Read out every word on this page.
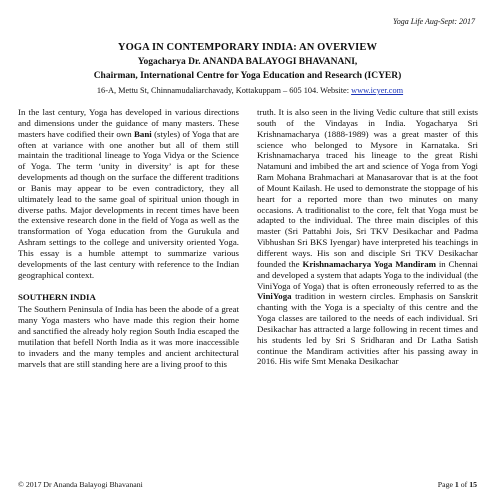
Yoga Life Aug-Sept: 2017
YOGA IN CONTEMPORARY INDIA: AN OVERVIEW
Yogacharya Dr. ANANDA BALAYOGI BHAVANANI,
Chairman, International Centre for Yoga Education and Research (ICYER)
16-A, Mettu St, Chinnamudaliarchavady, Kottakuppam – 605 104. Website: www.icyer.com

In the last century, Yoga has developed in various directions and dimensions under the guidance of many masters. These masters have codified their own Bani (styles) of Yoga that are often at variance with one another but all of them still maintain the traditional lineage to Yoga Vidya or the Science of Yoga. The term ‘unity in diversity’ is apt for these developments ad though on the surface the different traditions or Banis may appear to be even contradictory, they all ultimately lead to the same goal of spiritual union though in diverse paths. Major developments in recent times have been the extensive research done in the field of Yoga as well as the transformation of Yoga education from the Gurukula and Ashram settings to the college and university oriented Yoga. This essay is a humble attempt to summarize various developments of the last century with reference to the Indian geographical context.

SOUTHERN INDIA

The Southern Peninsula of India has been the abode of a great many Yoga masters who have made this region their home and sanctified the already holy region South India escaped the mutilation that befell North India as it was more inaccessible to invaders and the many temples and ancient architectural marvels that are still standing here are a living proof to this

truth. It is also seen in the living Vedic culture that still exists south of the Vindayas in India. Yogacharya Sri Krishnamacharya (1888-1989) was a great master of this science who belonged to Mysore in Karnataka. Sri Krishnamacharya traced his lineage to the great Rishi Natamuni and imbibed the art and science of Yoga from Yogi Ram Mohana Brahmachari at Manasarovar that is at the foot of Mount Kailash. He used to demonstrate the stoppage of his heart for a reported more than two minutes on many occasions. A traditionalist to the core, felt that Yoga must be adapted to the individual. The three main disciples of this master (Sri Pattabhi Jois, Sri TKV Desikachar and Padma Vibhushan Sri BKS Iyengar) have interpreted his teachings in different ways. His son and disciple Sri TKV Desikachar founded the Krishnamacharya Yoga Mandiram in Chennai and developed a system that adapts Yoga to the individual (the ViniYoga of Yoga) that is often erroneously referred to as the ViniYoga tradition in western circles. Emphasis on Sanskrit chanting with the Yoga is a specialty of this centre and the Yoga classes are tailored to the needs of each individual. Sri Desikachar has attracted a large following in recent times and his students led by Sri S Sridharan and Dr Latha Satish continue the Mandiram activities after his passing away in 2016. His wife Smt Menaka Desikachar

© 2017 Dr Ananda Balayogi Bhavanani	Page 1 of 15
